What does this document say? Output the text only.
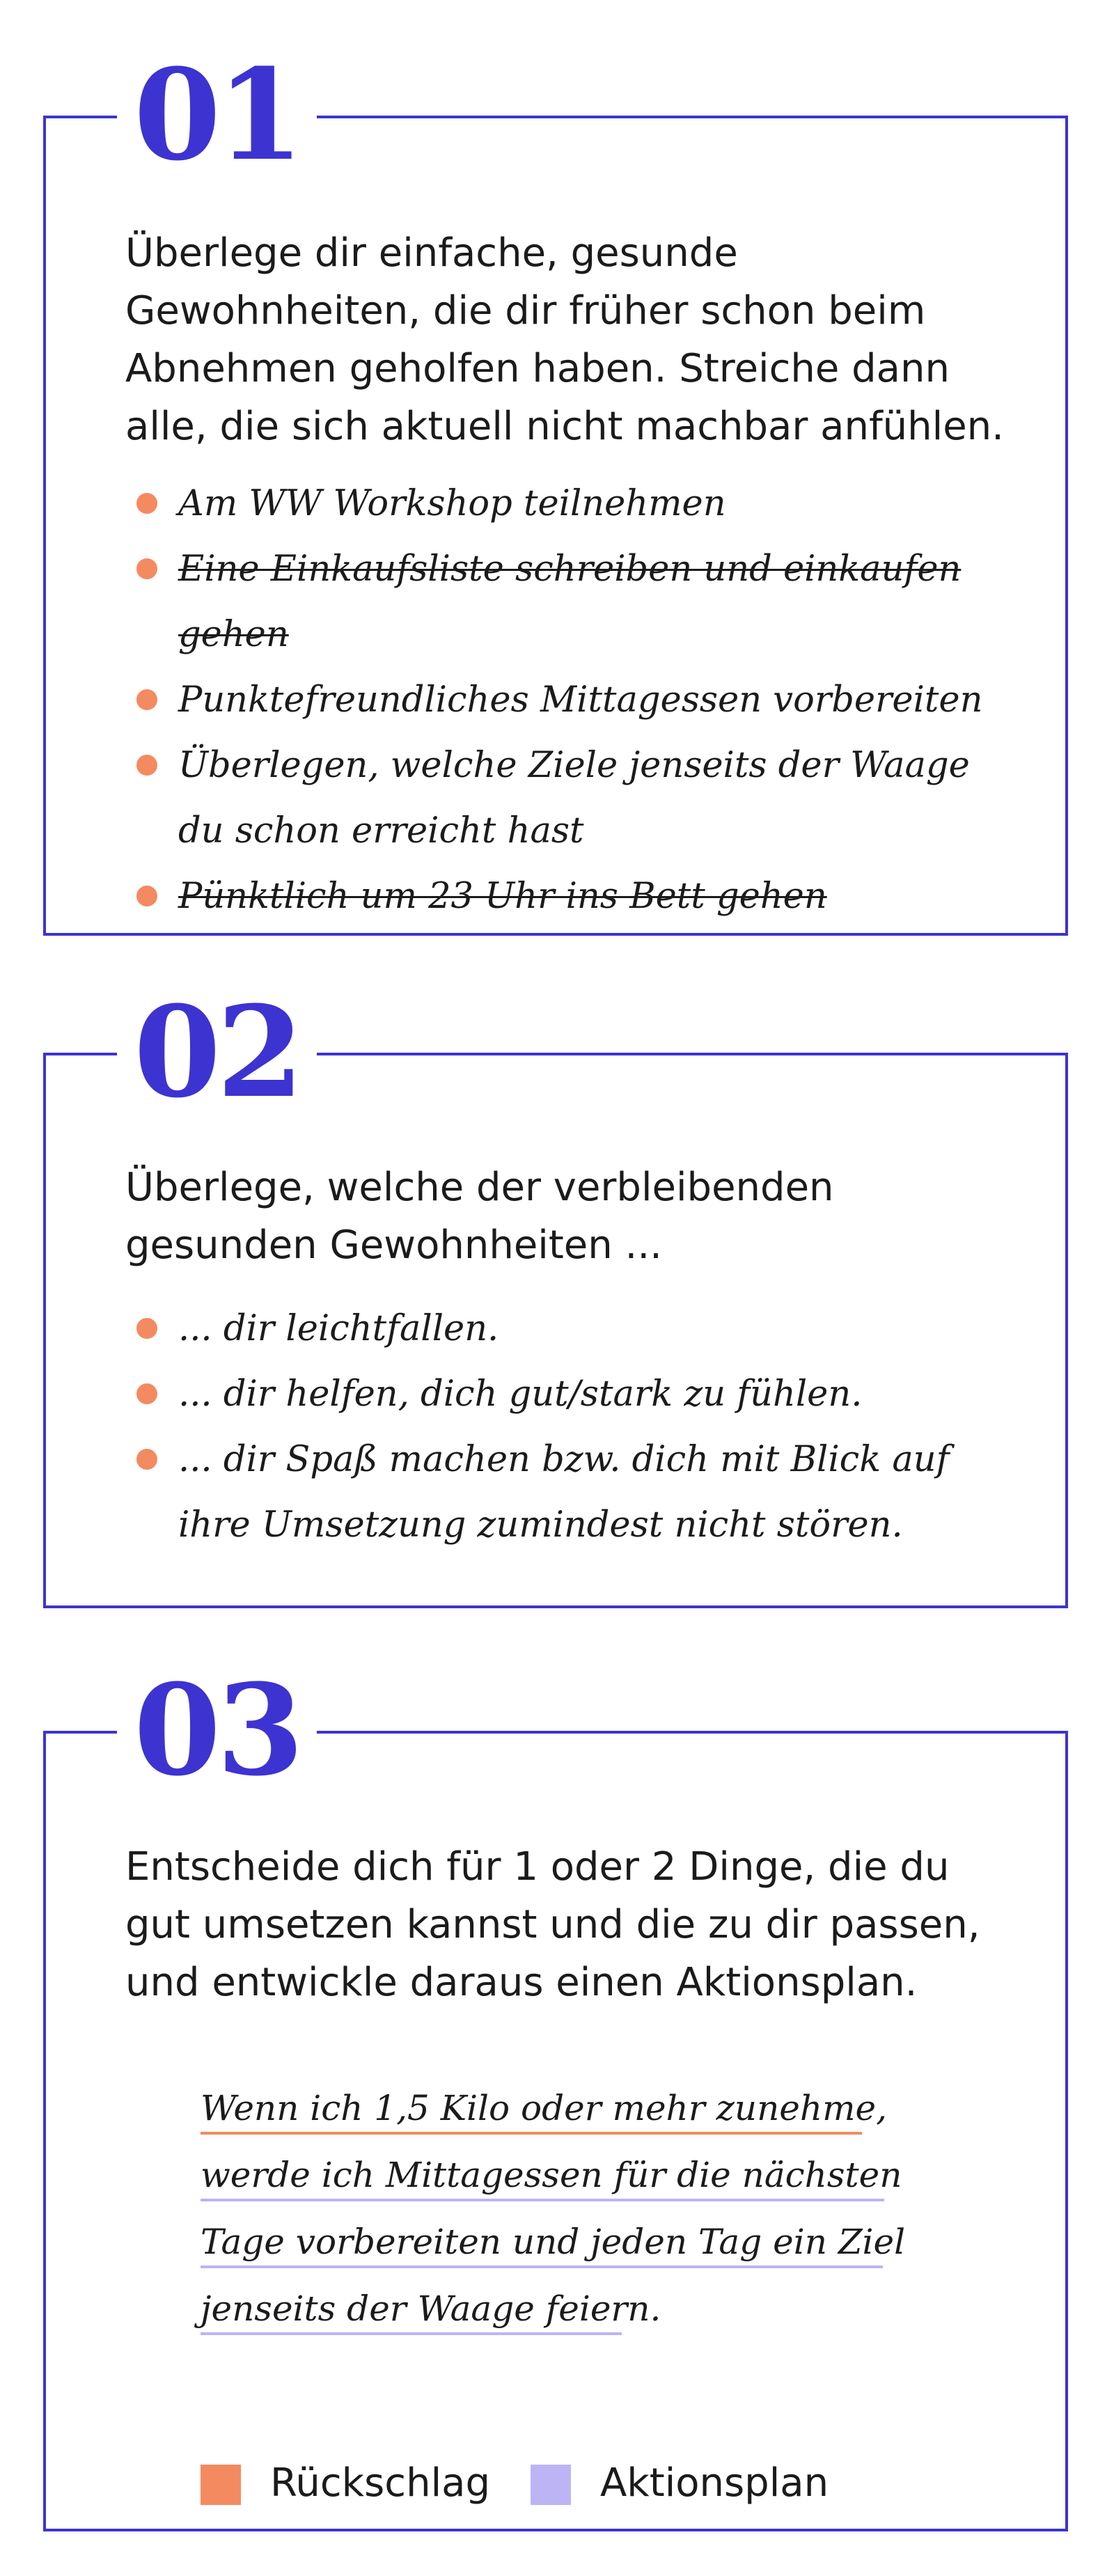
01
Überlege dir einfache, gesunde
Gewohnheiten, die dir früher schon beim
Abnehmen geholfen haben. Streiche dann
alle, die sich aktuell nicht machbar anfühlen.
Am WW Workshop teilnehmen
Eine Einkaufsliste schreiben und einkaufen gehen
Punktefreundliches Mittagessen vorbereiten
Überlegen, welche Ziele jenseits der Waage
du schon erreicht hast
Pünktlich um 23 Uhr ins Bett gehen
02
Überlege, welche der verbleibenden
gesunden Gewohnheiten ...
... dir leichtfallen.
... dir helfen, dich gut/stark zu fühlen.
... dir Spaß machen bzw. dich mit Blick auf
ihre Umsetzung zumindest nicht stören.
03
Entscheide dich für 1 oder 2 Dinge, die du
gut umsetzen kannst und die zu dir passen,
und entwickle daraus einen Aktionsplan.
Wenn ich 1,5 Kilo oder mehr zunehme,
werde ich Mittagessen für die nächsten
Tage vorbereiten und jeden Tag ein Ziel
jenseits der Waage feiern.
Rückschlag	Aktionsplan
